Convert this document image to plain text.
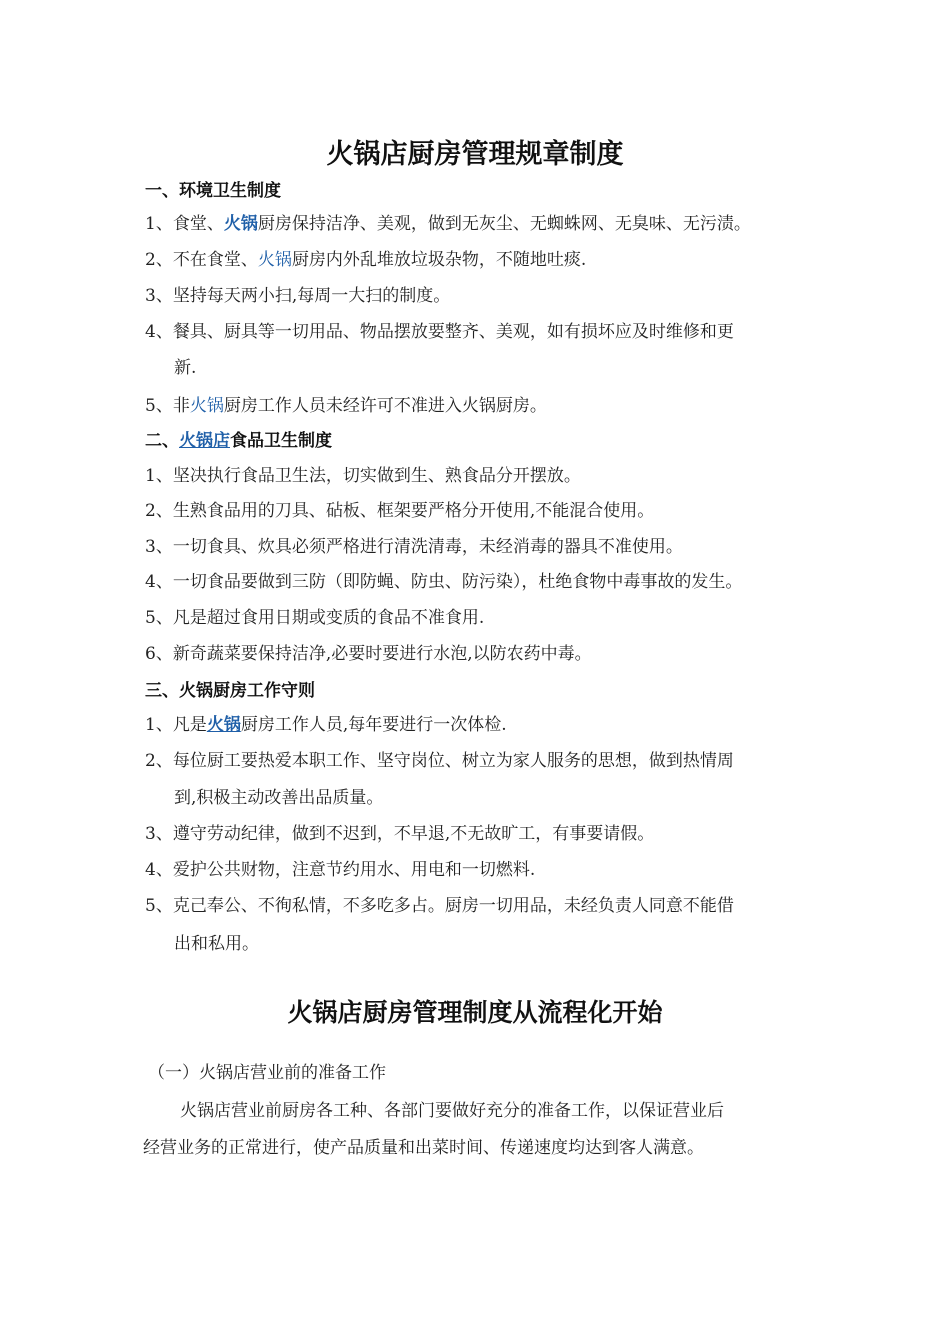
火锅店厨房管理规章制度
一、环境卫生制度
1、食堂、火锅厨房保持洁净、美观，做到无灰尘、无蜘蛛网、无臭味、无污渍。
2、不在食堂、火锅厨房内外乱堆放垃圾杂物，不随地吐痰.
3、坚持每天两小扫,每周一大扫的制度。
4、餐具、厨具等一切用品、物品摆放要整齐、美观，如有损坏应及时维修和更
新.
5、非火锅厨房工作人员未经许可不准进入火锅厨房。
二、火锅店食品卫生制度
1、坚决执行食品卫生法，切实做到生、熟食品分开摆放。
2、生熟食品用的刀具、砧板、框架要严格分开使用,不能混合使用。
3、一切食具、炊具必须严格进行清洗清毒，未经消毒的器具不准使用。
4、一切食品要做到三防（即防蝇、防虫、防污染），杜绝食物中毒事故的发生。
5、凡是超过食用日期或变质的食品不准食用.
6、新奇蔬菜要保持洁净,必要时要进行水泡,以防农药中毒。
三、火锅厨房工作守则
1、凡是火锅厨房工作人员,每年要进行一次体检.
2、每位厨工要热爱本职工作、坚守岗位、树立为家人服务的思想，做到热情周
到,积极主动改善出品质量。
3、遵守劳动纪律，做到不迟到，不早退,不无故旷工，有事要请假。
4、爱护公共财物，注意节约用水、用电和一切燃料.
5、克己奉公、不徇私情，不多吃多占。厨房一切用品，未经负责人同意不能借
出和私用。
火锅店厨房管理制度从流程化开始
（一）火锅店营业前的准备工作
火锅店营业前厨房各工种、各部门要做好充分的准备工作，以保证营业后
经营业务的正常进行，使产品质量和出菜时间、传递速度均达到客人满意。
